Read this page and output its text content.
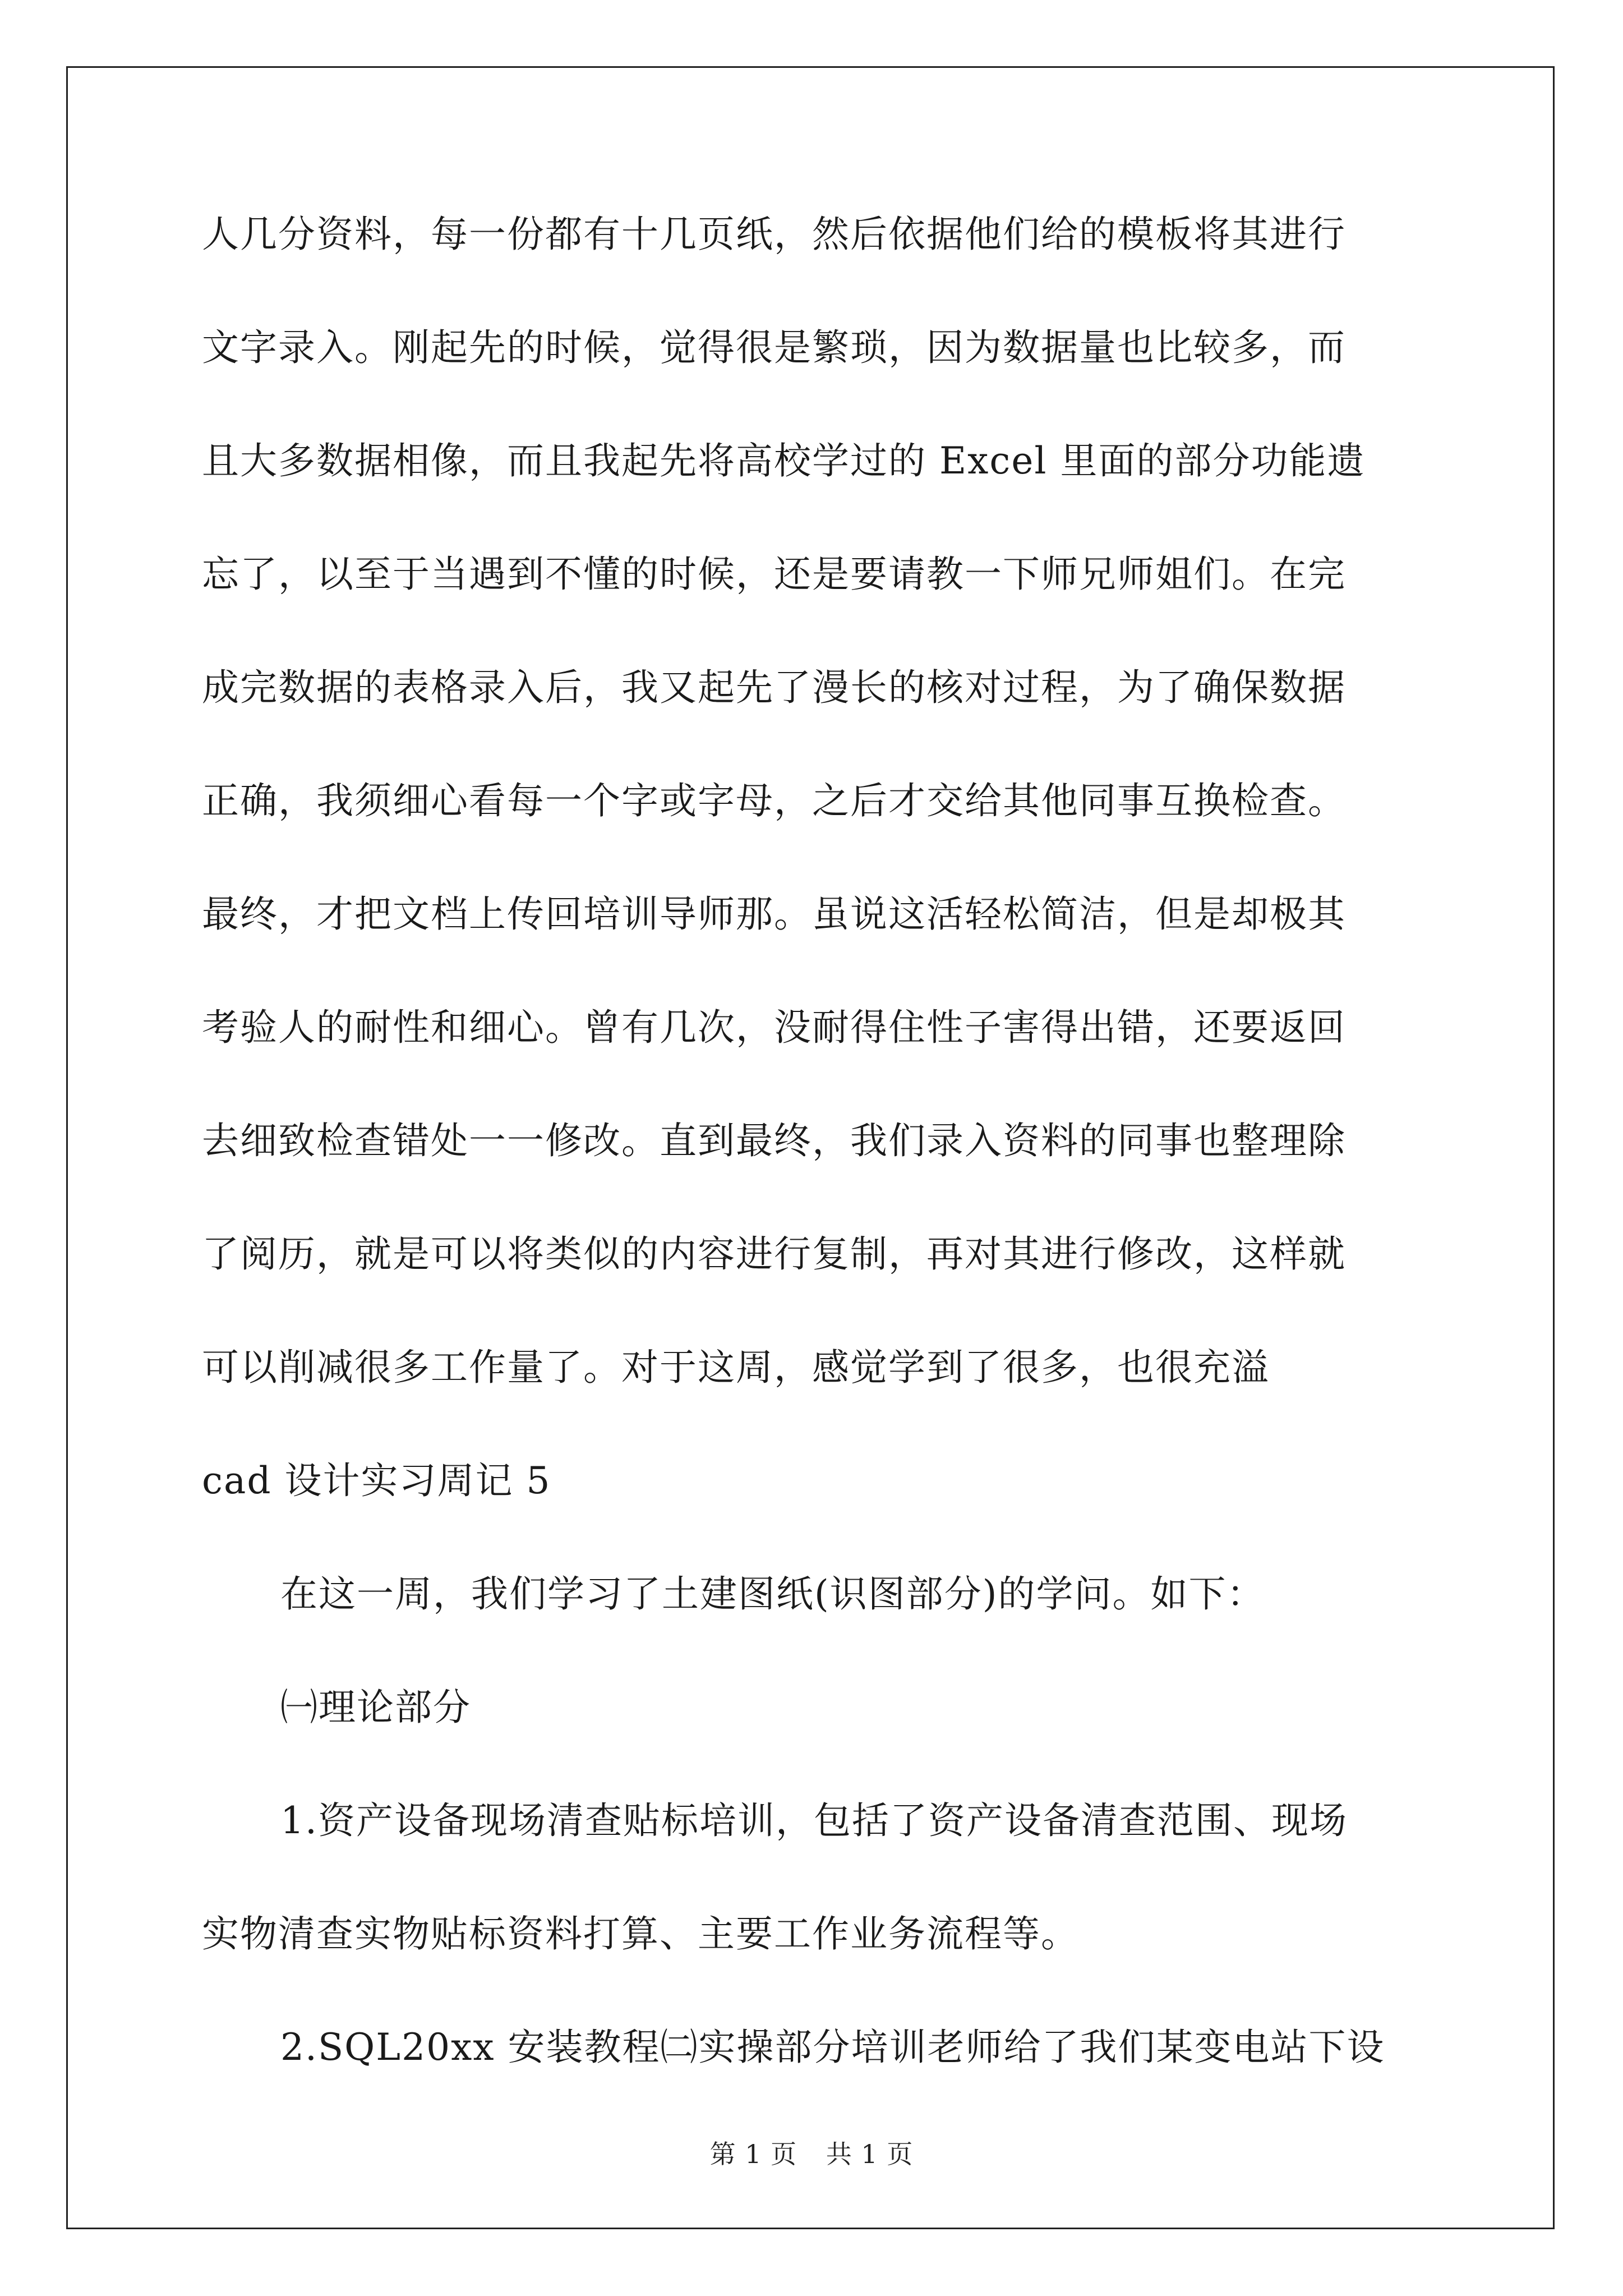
人几分资料，每一份都有十几页纸，然后依据他们给的模板将其进行
文字录入。刚起先的时候，觉得很是繁琐，因为数据量也比较多，而
且大多数据相像，而且我起先将高校学过的 Excel 里面的部分功能遗
忘了，以至于当遇到不懂的时候，还是要请教一下师兄师姐们。在完
成完数据的表格录入后，我又起先了漫长的核对过程，为了确保数据
正确，我须细心看每一个字或字母，之后才交给其他同事互换检查。
最终，才把文档上传回培训导师那。虽说这活轻松简洁，但是却极其
考验人的耐性和细心。曾有几次，没耐得住性子害得出错，还要返回
去细致检查错处一一修改。直到最终，我们录入资料的同事也整理除
了阅历，就是可以将类似的内容进行复制，再对其进行修改，这样就
可以削减很多工作量了。对于这周，感觉学到了很多，也很充溢
cad 设计实习周记 5
在这一周，我们学习了土建图纸(识图部分)的学问。如下：
㈠理论部分
1.资产设备现场清查贴标培训，包括了资产设备清查范围、现场
实物清查实物贴标资料打算、主要工作业务流程等。
2.SQL20xx 安装教程㈡实操部分培训老师给了我们某变电站下设
第 1 页 共 1 页
